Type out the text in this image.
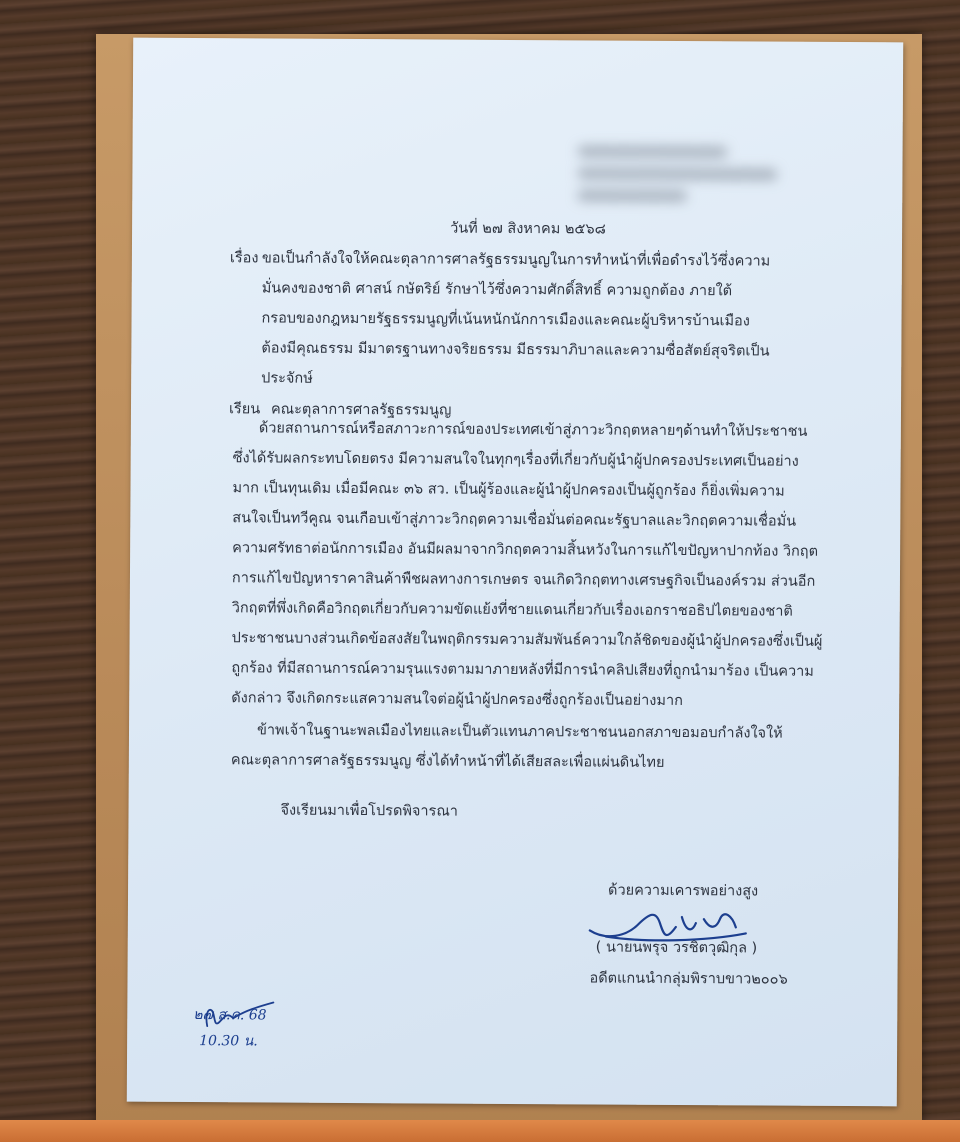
วันที่ ๒๗ สิงหาคม ๒๕๖๘
เรื่อง ขอเป็นกำลังใจให้คณะตุลาการศาลรัฐธรรมนูญในการทำหน้าที่เพื่อดำรงไว้ซึ่งความ
มั่นคงของชาติ ศาสน์ กษัตริย์ รักษาไว้ซึ่งความศักดิ์สิทธิ์ ความถูกต้อง ภายใต้
กรอบของกฎหมายรัฐธรรมนูญที่เน้นหนักนักการเมืองและคณะผู้บริหารบ้านเมือง
ต้องมีคุณธรรม มีมาตรฐานทางจริยธรรม มีธรรมาภิบาลและความซื่อสัตย์สุจริตเป็น
ประจักษ์
เรียน คณะตุลาการศาลรัฐธรรมนูญ
ด้วยสถานการณ์หรือสภาวะการณ์ของประเทศเข้าสู่ภาวะวิกฤตหลายๆด้านทำให้ประชาชน
ซึ่งได้รับผลกระทบโดยตรง มีความสนใจในทุกๆเรื่องที่เกี่ยวกับผู้นำผู้ปกครองประเทศเป็นอย่าง
มาก เป็นทุนเดิม เมื่อมีคณะ ๓๖ สว. เป็นผู้ร้องและผู้นำผู้ปกครองเป็นผู้ถูกร้อง ก็ยิ่งเพิ่มความ
สนใจเป็นทวีคูณ จนเกือบเข้าสู่ภาวะวิกฤตความเชื่อมั่นต่อคณะรัฐบาลและวิกฤตความเชื่อมั่น
ความศรัทธาต่อนักการเมือง อันมีผลมาจากวิกฤตความสิ้นหวังในการแก้ไขปัญหาปากท้อง วิกฤต
การแก้ไขปัญหาราคาสินค้าพืชผลทางการเกษตร จนเกิดวิกฤตทางเศรษฐกิจเป็นองค์รวม ส่วนอีก
วิกฤตที่พึ่งเกิดคือวิกฤตเกี่ยวกับความขัดแย้งที่ชายแดนเกี่ยวกับเรื่องเอกราชอธิปไตยของชาติ
ประชาชนบางส่วนเกิดข้อสงสัยในพฤติกรรมความสัมพันธ์ความใกล้ชิดของผู้นำผู้ปกครองซึ่งเป็นผู้
ถูกร้อง ที่มีสถานการณ์ความรุนแรงตามมาภายหลังที่มีการนำคลิปเสียงที่ถูกนำมาร้อง เป็นความ
ดังกล่าว จึงเกิดกระแสความสนใจต่อผู้นำผู้ปกครองซึ่งถูกร้องเป็นอย่างมาก
ข้าพเจ้าในฐานะพลเมืองไทยและเป็นตัวแทนภาคประชาชนนอกสภาขอมอบกำลังใจให้
คณะตุลาการศาลรัฐธรรมนูญ ซึ่งได้ทำหน้าที่ได้เสียสละเพื่อแผ่นดินไทย
จึงเรียนมาเพื่อโปรดพิจารณา
ด้วยความเคารพอย่างสูง
( นายนพรุจ วรชิตวุฒิกุล )
อดีตแกนนำกลุ่มพิราบขาว๒๐๐๖
๒๗ ส.ค. 68
10.30 น.
